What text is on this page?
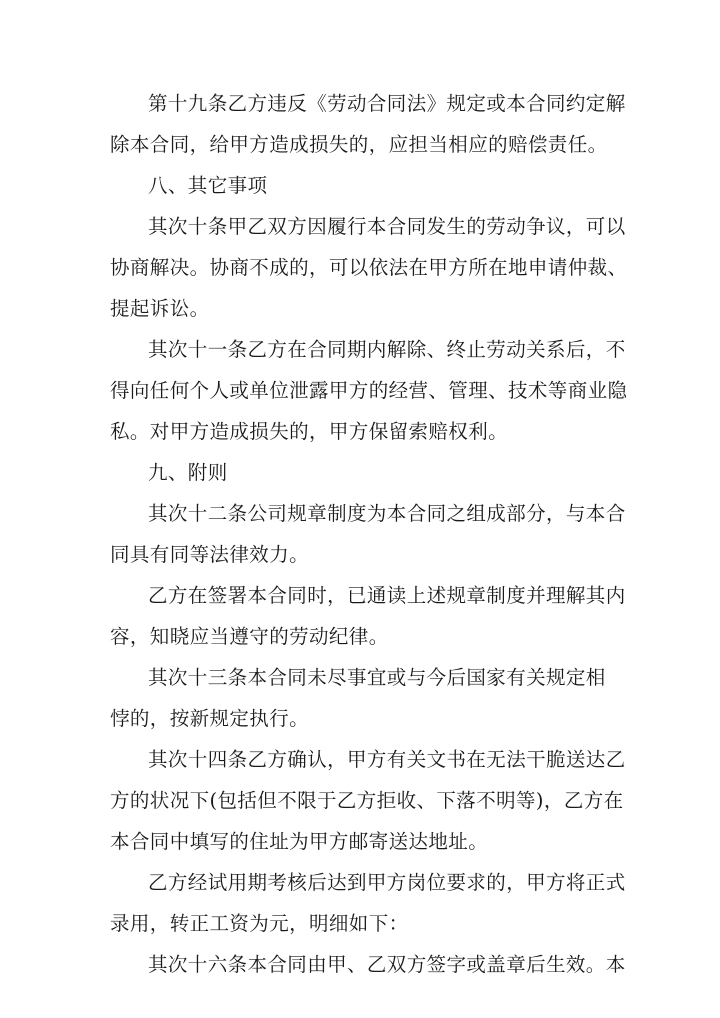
第十九条乙方违反《劳动合同法》规定或本合同约定解
除本合同，给甲方造成损失的，应担当相应的赔偿责任。
八、其它事项
其次十条甲乙双方因履行本合同发生的劳动争议，可以
协商解决。协商不成的，可以依法在甲方所在地申请仲裁、
提起诉讼。
其次十一条乙方在合同期内解除、终止劳动关系后，不
得向任何个人或单位泄露甲方的经营、管理、技术等商业隐
私。对甲方造成损失的，甲方保留索赔权利。
九、附则
其次十二条公司规章制度为本合同之组成部分，与本合
同具有同等法律效力。
乙方在签署本合同时，已通读上述规章制度并理解其内
容，知晓应当遵守的劳动纪律。
其次十三条本合同未尽事宜或与今后国家有关规定相
悖的，按新规定执行。
其次十四条乙方确认，甲方有关文书在无法干脆送达乙
方的状况下(包括但不限于乙方拒收、下落不明等)，乙方在
本合同中填写的住址为甲方邮寄送达地址。
乙方经试用期考核后达到甲方岗位要求的，甲方将正式
录用，转正工资为元，明细如下：
其次十六条本合同由甲、乙双方签字或盖章后生效。本
